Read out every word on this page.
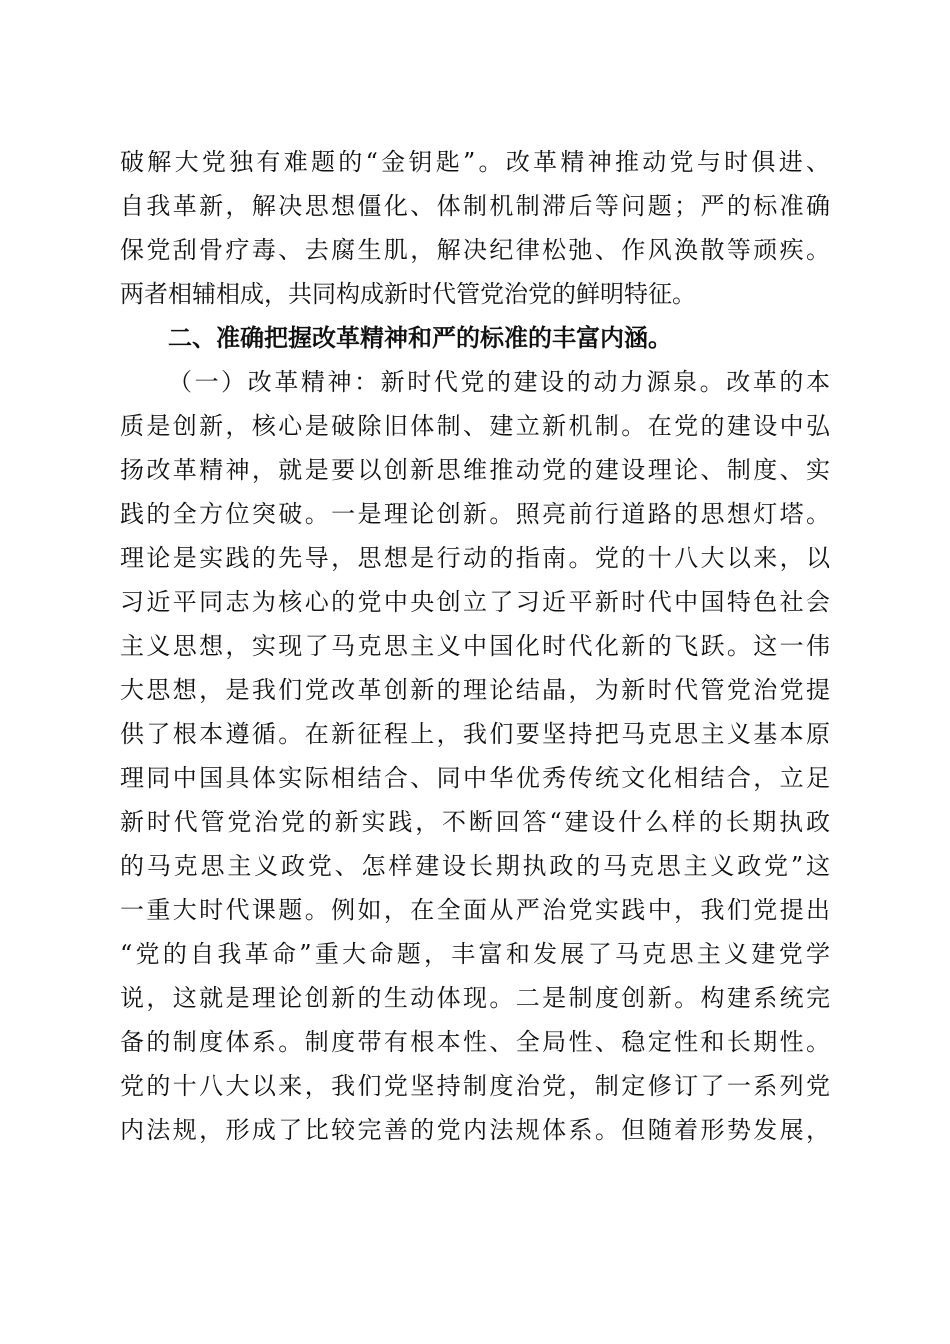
破解大党独有难题的“金钥匙”。改革精神推动党与时俱进、
自我革新，解决思想僵化、体制机制滞后等问题；严的标准确
保党刮骨疗毒、去腐生肌，解决纪律松弛、作风涣散等顽疾。
两者相辅相成，共同构成新时代管党治党的鲜明特征。
二、准确把握改革精神和严的标准的丰富内涵。
（一）改革精神：新时代党的建设的动力源泉。改革的本
质是创新，核心是破除旧体制、建立新机制。在党的建设中弘
扬改革精神，就是要以创新思维推动党的建设理论、制度、实
践的全方位突破。一是理论创新。照亮前行道路的思想灯塔。
理论是实践的先导，思想是行动的指南。党的十八大以来，以
习近平同志为核心的党中央创立了习近平新时代中国特色社会
主义思想，实现了马克思主义中国化时代化新的飞跃。这一伟
大思想，是我们党改革创新的理论结晶，为新时代管党治党提
供了根本遵循。在新征程上，我们要坚持把马克思主义基本原
理同中国具体实际相结合、同中华优秀传统文化相结合，立足
新时代管党治党的新实践，不断回答“建设什么样的长期执政
的马克思主义政党、怎样建设长期执政的马克思主义政党”这
一重大时代课题。例如，在全面从严治党实践中，我们党提出
“党的自我革命”重大命题，丰富和发展了马克思主义建党学
说，这就是理论创新的生动体现。二是制度创新。构建系统完
备的制度体系。制度带有根本性、全局性、稳定性和长期性。
党的十八大以来，我们党坚持制度治党，制定修订了一系列党
内法规，形成了比较完善的党内法规体系。但随着形势发展，
